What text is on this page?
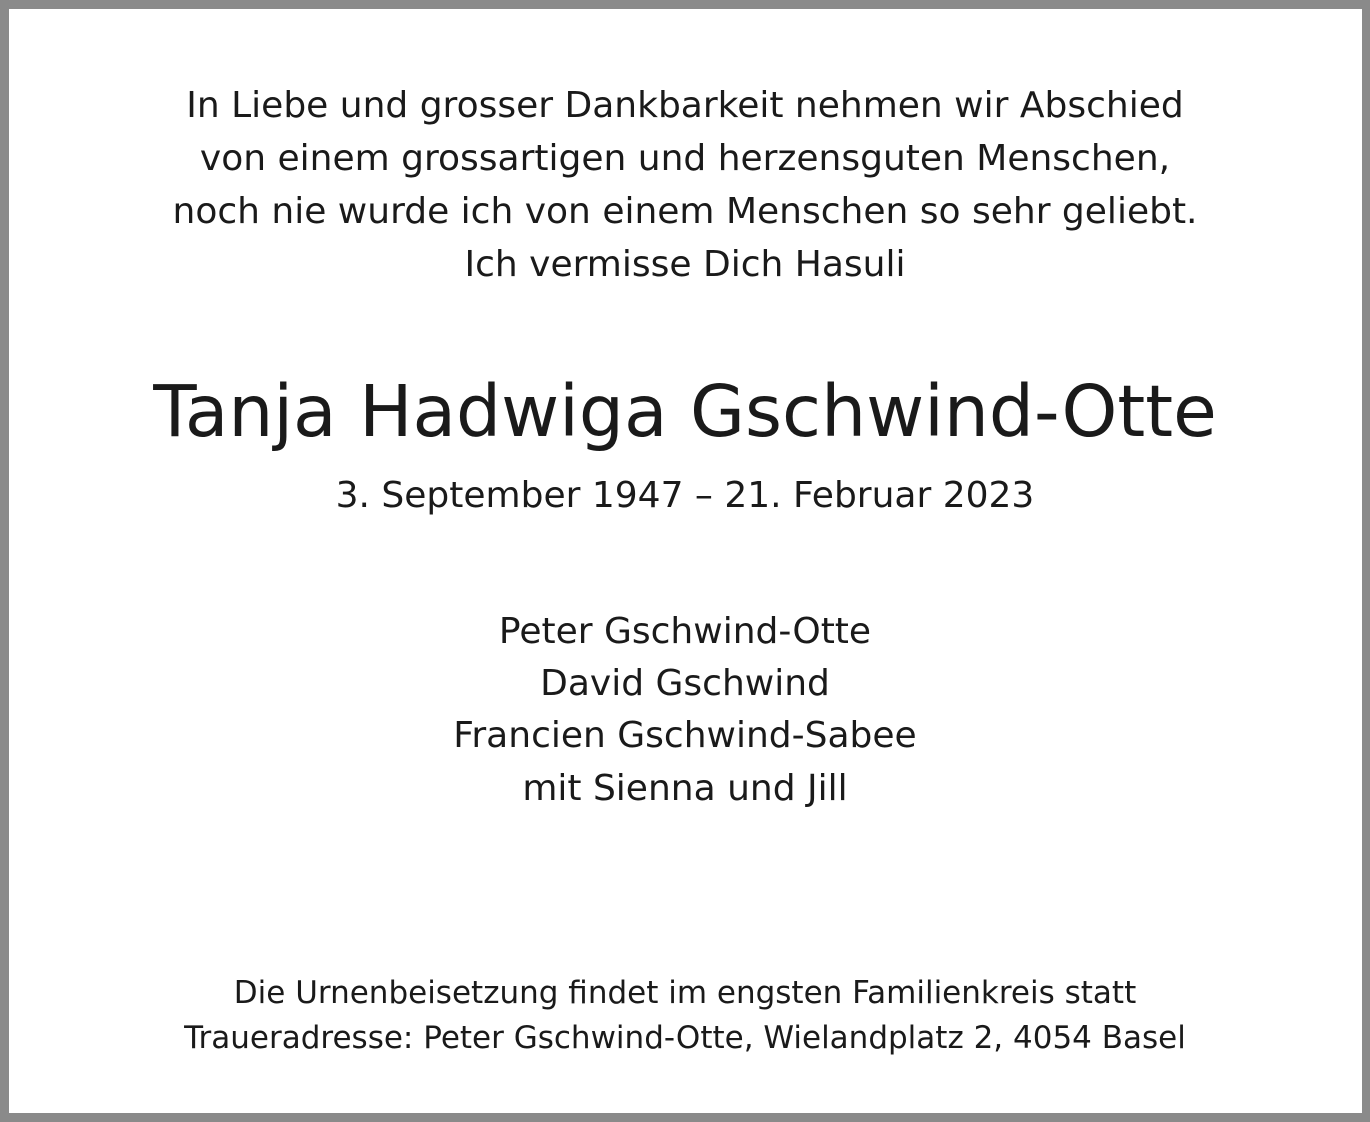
In Liebe und grosser Dankbarkeit nehmen wir Abschied
von einem grossartigen und herzensguten Menschen,
noch nie wurde ich von einem Menschen so sehr geliebt.
Ich vermisse Dich Hasuli
Tanja Hadwiga Gschwind-Otte
3. September 1947 – 21. Februar 2023
Peter Gschwind-Otte
David Gschwind
Francien Gschwind-Sabee
mit Sienna und Jill
Die Urnenbeisetzung findet im engsten Familienkreis statt
Traueradresse: Peter Gschwind-Otte, Wielandplatz 2, 4054 Basel
